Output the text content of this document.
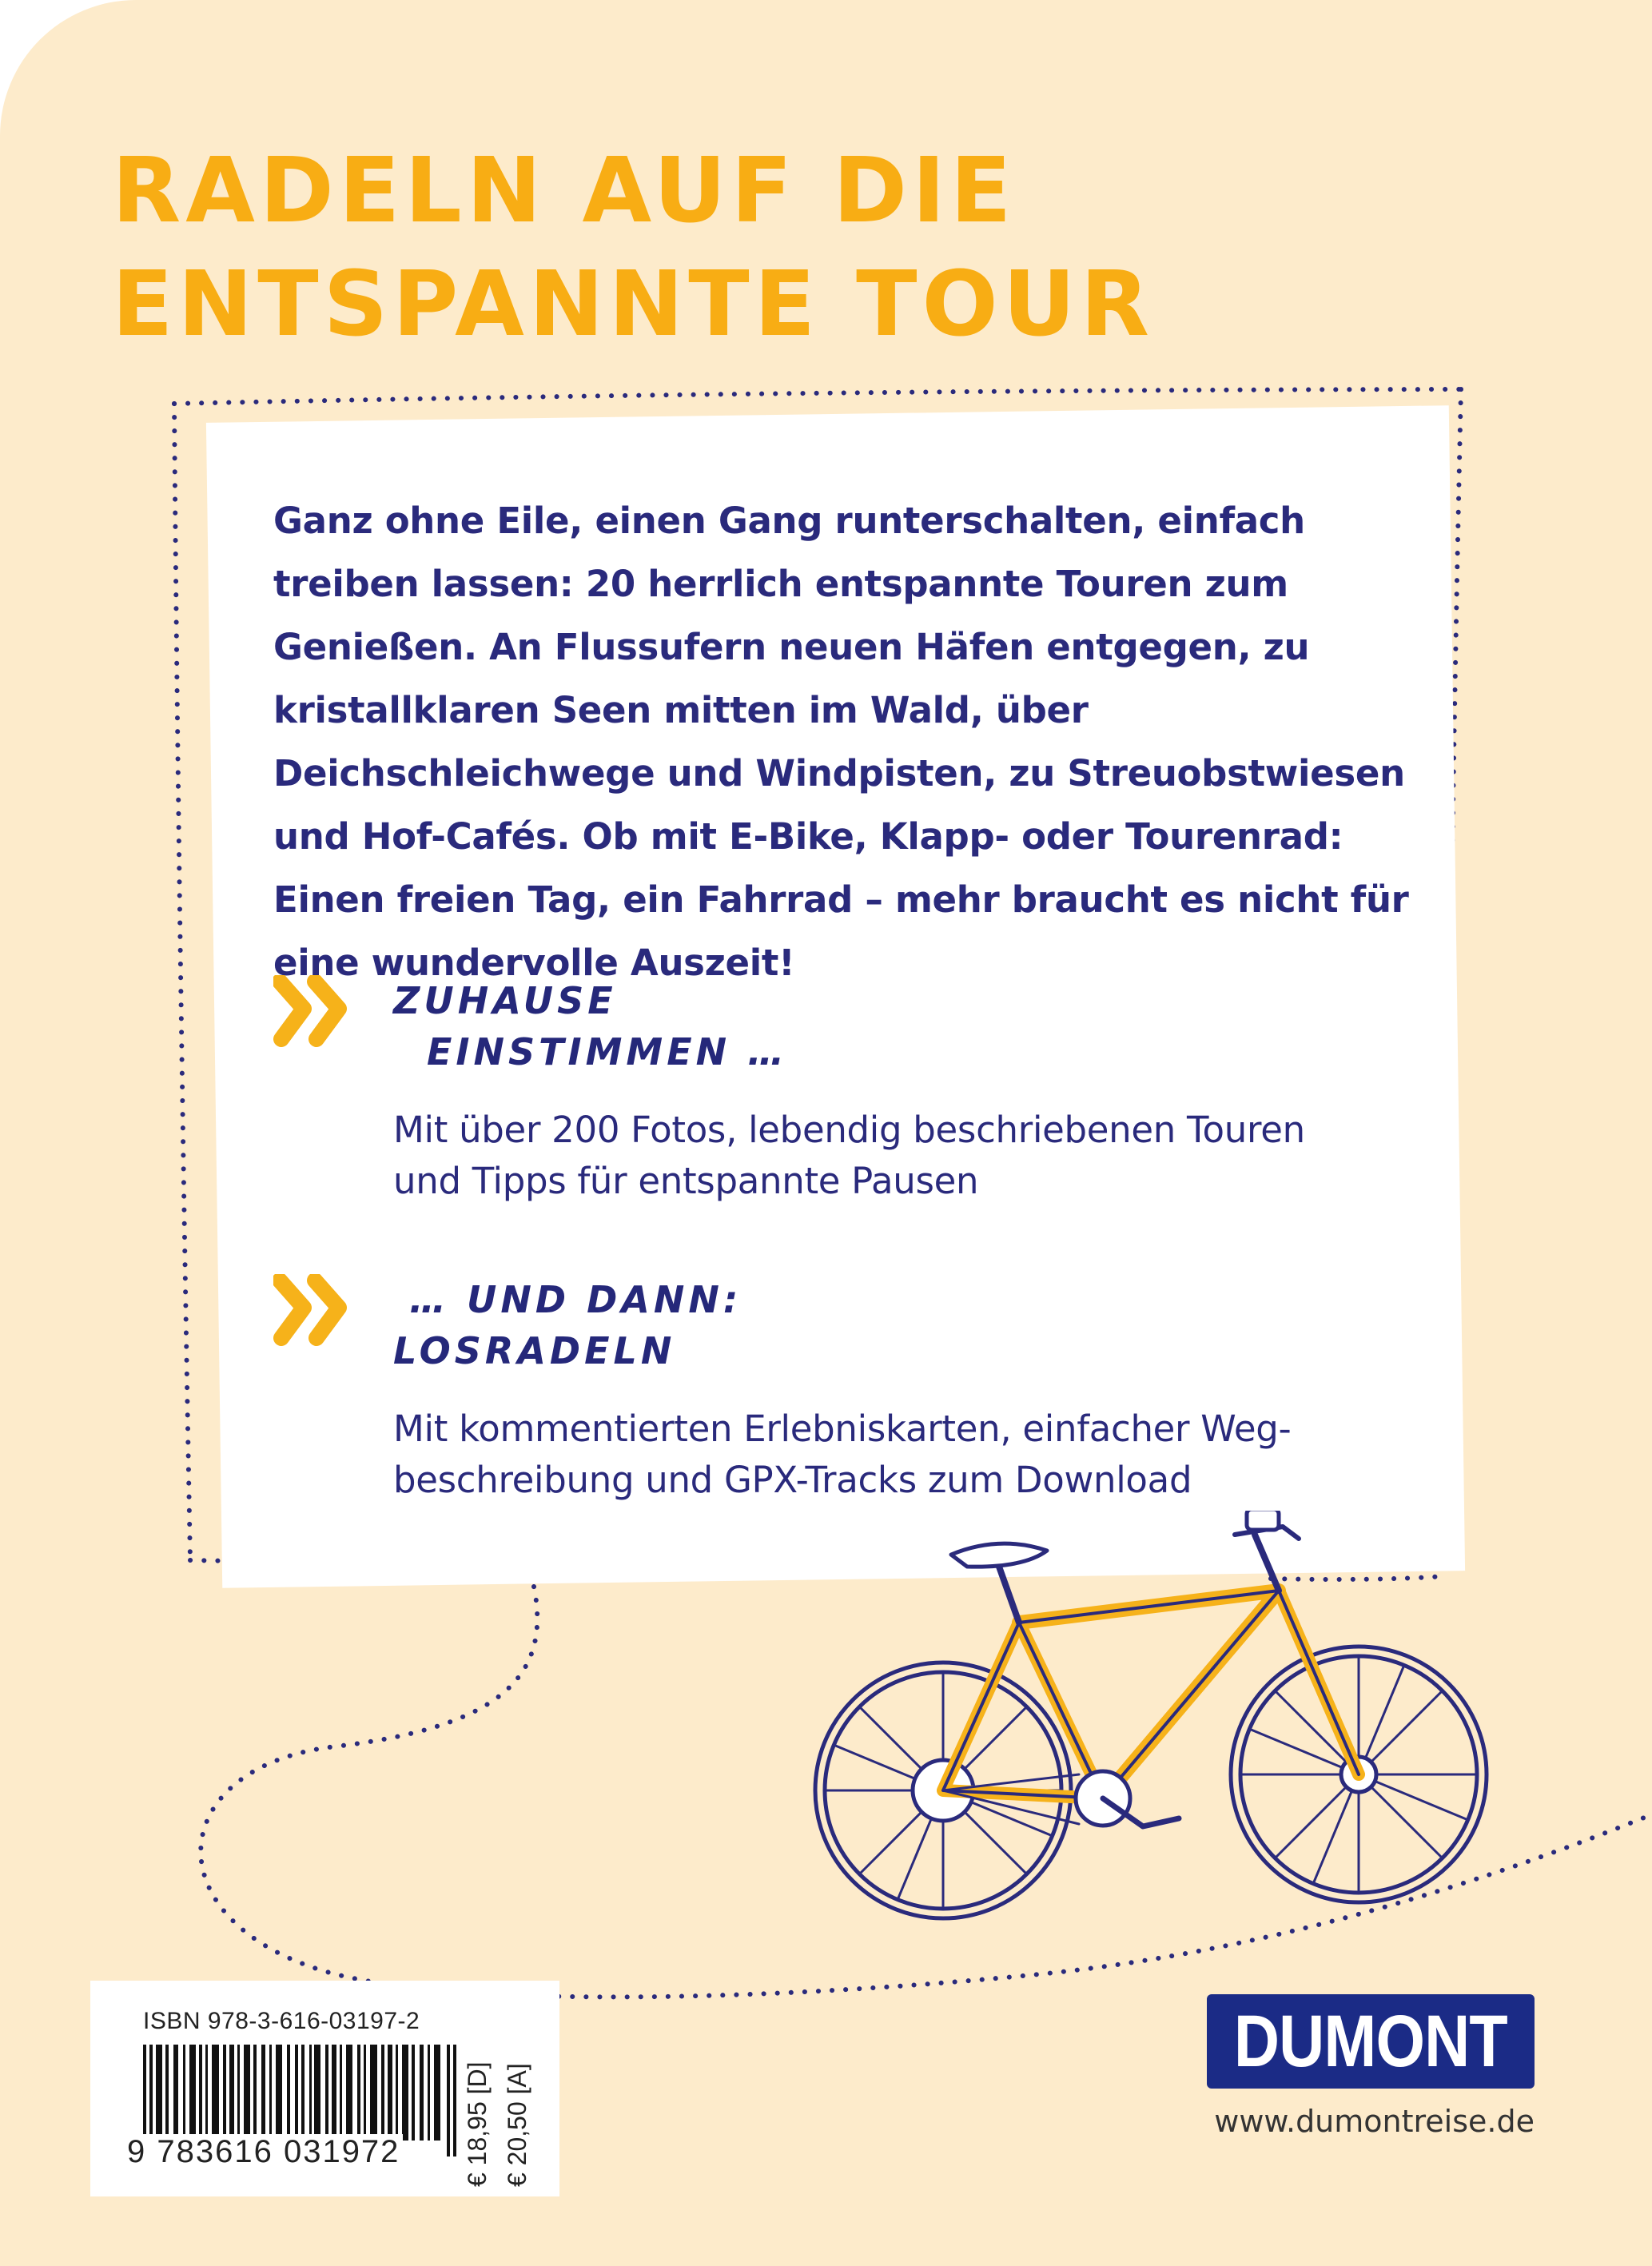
RADELN AUF DIE
ENTSPANNTE TOUR

Ganz ohne Eile, einen Gang runterschalten, einfach treiben lassen: 20 herrlich entspannte Touren zum Genießen. An Flussufern neuen Häfen entgegen, zu kristallklaren Seen mitten im Wald, über Deichschleichwege und Windpisten, zu Streuobstwiesen und Hof-Cafés. Ob mit E-Bike, Klapp- oder Tourenrad: Einen freien Tag, ein Fahrrad – mehr braucht es nicht für eine wundervolle Auszeit!

ZUHAUSE
EINSTIMMEN …

Mit über 200 Fotos, lebendig beschriebenen Touren und Tipps für entspannte Pausen

… UND DANN:
LOSRADELN

Mit kommentierten Erlebniskarten, einfacher Weg-beschreibung und GPX-Tracks zum Download

ISBN 978-3-616-03197-2

9 783616 031972 € 18,95 [D] € 20,50 [A]

DUMONT

www.dumontreise.de
